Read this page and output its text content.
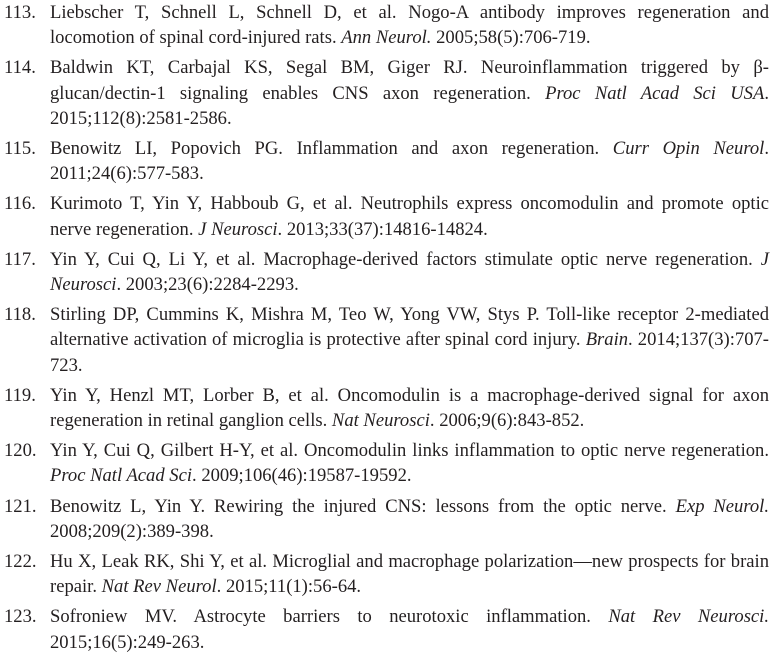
113. Liebscher T, Schnell L, Schnell D, et al. Nogo-A antibody improves regeneration and locomotion of spinal cord-injured rats. Ann Neurol. 2005;58(5):706-719.
114. Baldwin KT, Carbajal KS, Segal BM, Giger RJ. Neuroinflammation triggered by β-glucan/dectin-1 signaling enables CNS axon regeneration. Proc Natl Acad Sci USA. 2015;112(8):2581-2586.
115. Benowitz LI, Popovich PG. Inflammation and axon regeneration. Curr Opin Neurol. 2011;24(6):577-583.
116. Kurimoto T, Yin Y, Habboub G, et al. Neutrophils express oncomodulin and promote optic nerve regeneration. J Neurosci. 2013;33(37):14816-14824.
117. Yin Y, Cui Q, Li Y, et al. Macrophage-derived factors stimulate optic nerve regeneration. J Neurosci. 2003;23(6):2284-2293.
118. Stirling DP, Cummins K, Mishra M, Teo W, Yong VW, Stys P. Toll-like receptor 2-mediated alternative activation of microglia is protective after spinal cord injury. Brain. 2014;137(3):707-723.
119. Yin Y, Henzl MT, Lorber B, et al. Oncomodulin is a macrophage-derived signal for axon regeneration in retinal ganglion cells. Nat Neurosci. 2006;9(6):843-852.
120. Yin Y, Cui Q, Gilbert H-Y, et al. Oncomodulin links inflammation to optic nerve regeneration. Proc Natl Acad Sci. 2009;106(46):19587-19592.
121. Benowitz L, Yin Y. Rewiring the injured CNS: lessons from the optic nerve. Exp Neurol. 2008;209(2):389-398.
122. Hu X, Leak RK, Shi Y, et al. Microglial and macrophage polarization—new prospects for brain repair. Nat Rev Neurol. 2015;11(1):56-64.
123. Sofroniew MV. Astrocyte barriers to neurotoxic inflammation. Nat Rev Neurosci. 2015;16(5):249-263.
